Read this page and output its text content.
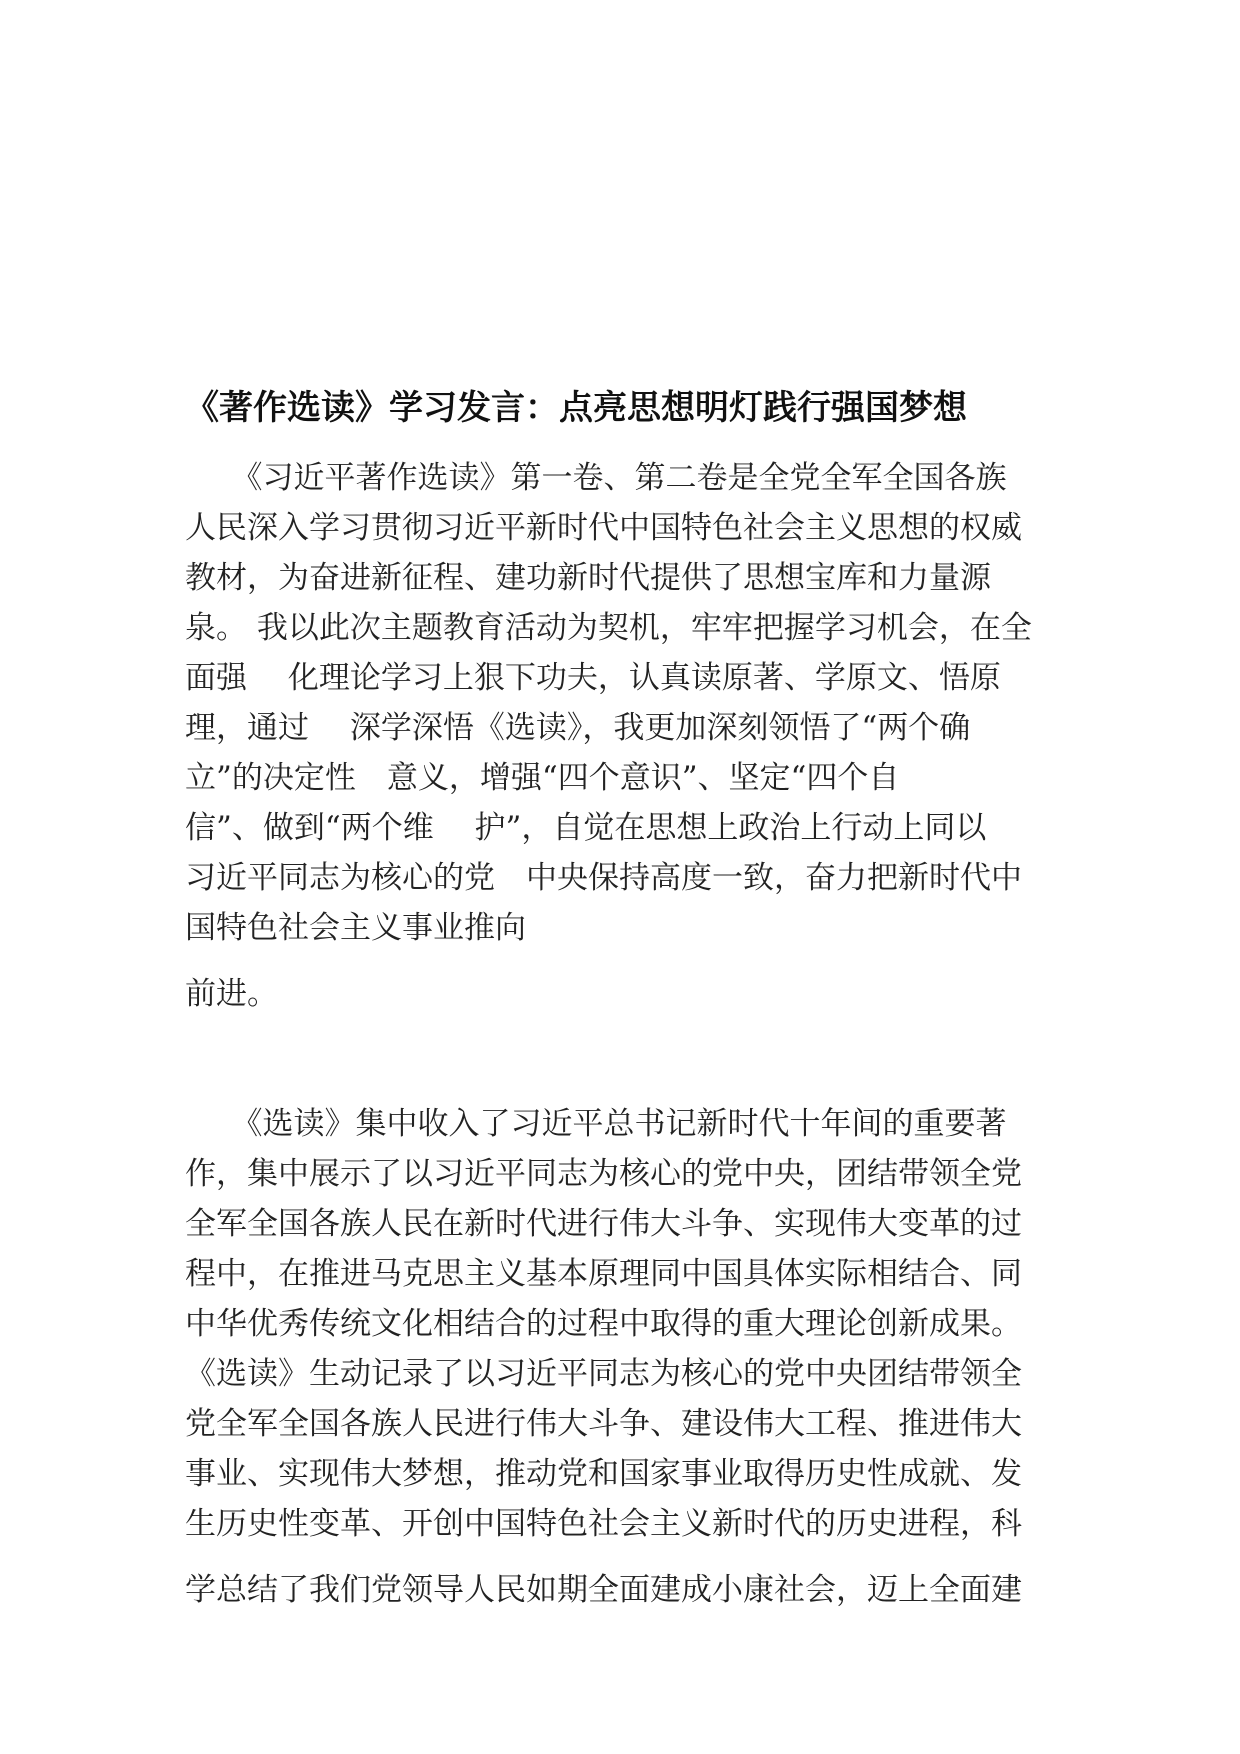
《著作选读》学习发言：点亮思想明灯践行强国梦想

　　《习近平著作选读》第一卷、第二卷是全党全军全国各族

人民深入学习贯彻习近平新时代中国特色社会主义思想的权威

教材，为奋进新征程、建功新时代提供了思想宝库和力量源

泉。 我以此次主题教育活动为契机，牢牢把握学习机会，在全

面强　 化理论学习上狠下功夫，认真读原著、学原文、悟原

理，通过　 深学深悟《选读》，我更加深刻领悟了“两个确

立”的决定性　意义，增强“四个意识”、坚定“四个自

信”、做到“两个维　 护”，自觉在思想上政治上行动上同以

习近平同志为核心的党　中央保持高度一致，奋力把新时代中

国特色社会主义事业推向

前进。

　　《选读》集中收入了习近平总书记新时代十年间的重要著

作，集中展示了以习近平同志为核心的党中央，团结带领全党

全军全国各族人民在新时代进行伟大斗争、实现伟大变革的过

程中，在推进马克思主义基本原理同中国具体实际相结合、同

中华优秀传统文化相结合的过程中取得的重大理论创新成果。

《选读》生动记录了以习近平同志为核心的党中央团结带领全

党全军全国各族人民进行伟大斗争、建设伟大工程、推进伟大

事业、实现伟大梦想，推动党和国家事业取得历史性成就、发

生历史性变革、开创中国特色社会主义新时代的历史进程，科

学总结了我们党领导人民如期全面建成小康社会，迈上全面建
